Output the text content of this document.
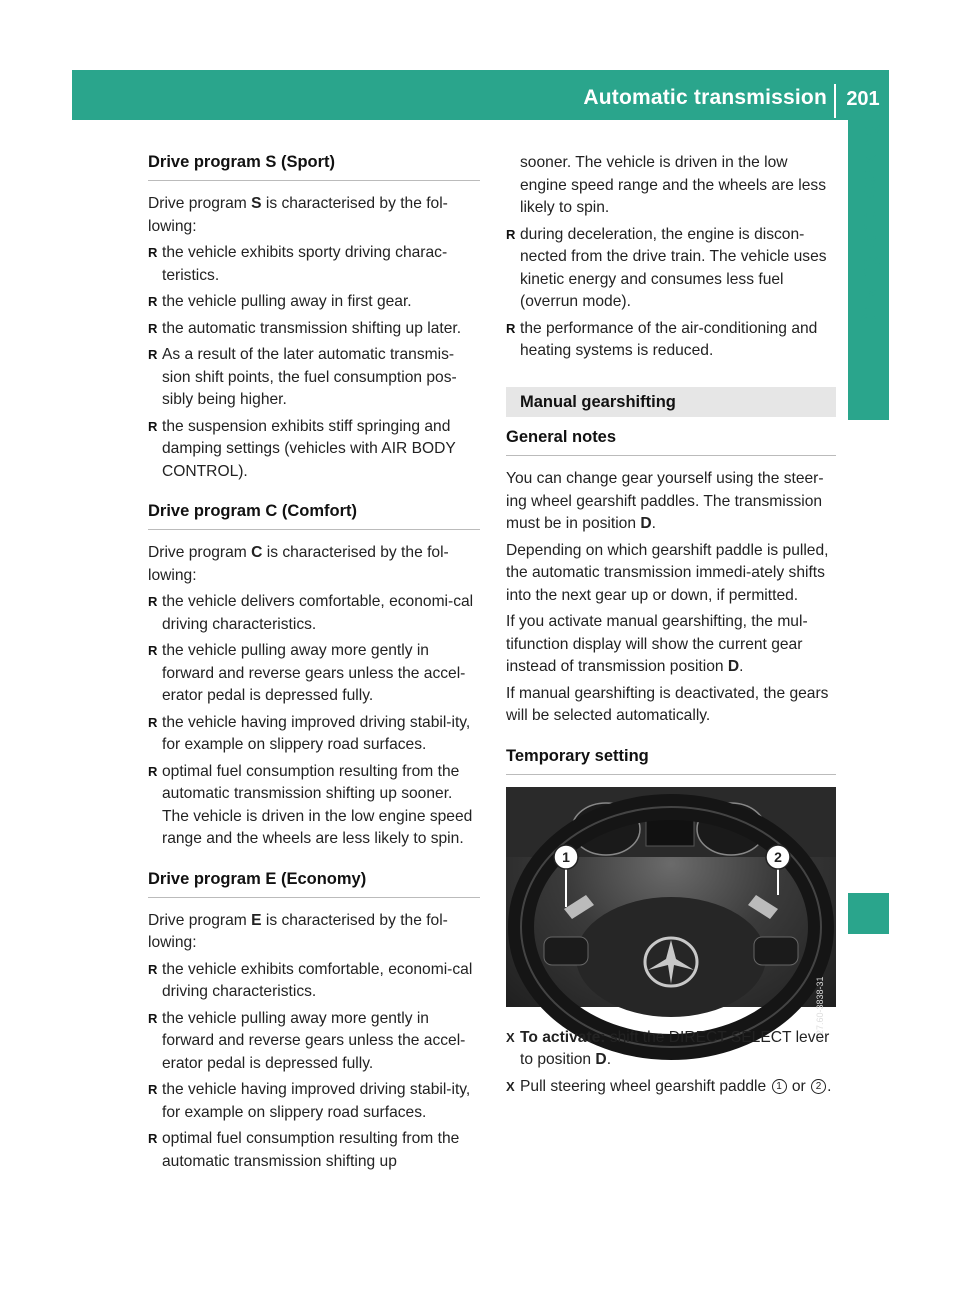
Automatic transmission 201
Driving and parking
Drive program S (Sport)

Drive program S is characterised by the fol-lowing:

R the vehicle exhibits sporty driving charac-teristics.
R the vehicle pulling away in first gear.
R the automatic transmission shifting up later.
R As a result of the later automatic transmis-sion shift points, the fuel consumption pos-sibly being higher.
R the suspension exhibits stiff springing and damping settings (vehicles with AIR BODY CONTROL).
Drive program C (Comfort)

Drive program C is characterised by the fol-lowing:

R the vehicle delivers comfortable, economi-cal driving characteristics.
R the vehicle pulling away more gently in forward and reverse gears unless the accel-erator pedal is depressed fully.
R the vehicle having improved driving stabil-ity, for example on slippery road surfaces.
R optimal fuel consumption resulting from the automatic transmission shifting up sooner. The vehicle is driven in the low engine speed range and the wheels are less likely to spin.
Drive program E (Economy)

Drive program E is characterised by the fol-lowing:

R the vehicle exhibits comfortable, economi-cal driving characteristics.
R the vehicle pulling away more gently in forward and reverse gears unless the accel-erator pedal is depressed fully.
R the vehicle having improved driving stabil-ity, for example on slippery road surfaces.
R optimal fuel consumption resulting from the automatic transmission shifting up
sooner. The vehicle is driven in the low engine speed range and the wheels are less likely to spin.
R during deceleration, the engine is discon-nected from the drive train. The vehicle uses kinetic energy and consumes less fuel (overrun mode).
R the performance of the air-conditioning and heating systems is reduced.
Manual gearshifting
General notes

You can change gear yourself using the steer-ing wheel gearshift paddles. The transmission must be in position D.

Depending on which gearshift paddle is pulled, the automatic transmission immedi-ately shifts into the next gear up or down, if permitted.

If you activate manual gearshifting, the mul-tifunction display will show the current gear instead of transmission position D.

If manual gearshifting is deactivated, the gears will be selected automatically.

Temporary setting
1	2
P27.60-3838-31
X To activate: shift the DIRECT SELECT lever to position D.
X Pull steering wheel gearshift paddle 1 or 2 .
